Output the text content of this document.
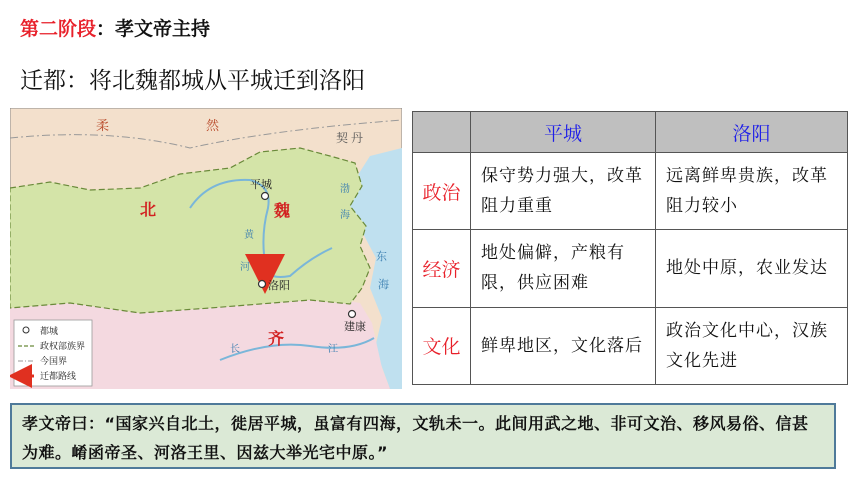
第二阶段：孝文帝主持
迁都：将北魏都城从平城迁到洛阳
柔	然
契 丹
北	魏
齐
平城
洛阳
建康
黄
河
渤
海
东
海
长	江
都城
政权部族界
今国界
迁都路线
	平城	洛阳
政治	保守势力强大，改革阻力重重	远离鲜卑贵族，改革阻力较小
经济	地处偏僻，产粮有限，供应困难	地处中原，农业发达
文化	鲜卑地区，文化落后	政治文化中心，汉族文化先进
孝文帝曰：“国家兴自北土，徙居平城，虽富有四海，文轨未一。此间用武之地、非可文治、移风易俗、信甚为难。崤函帝圣、河洛王里、因兹大举光宅中原。”
